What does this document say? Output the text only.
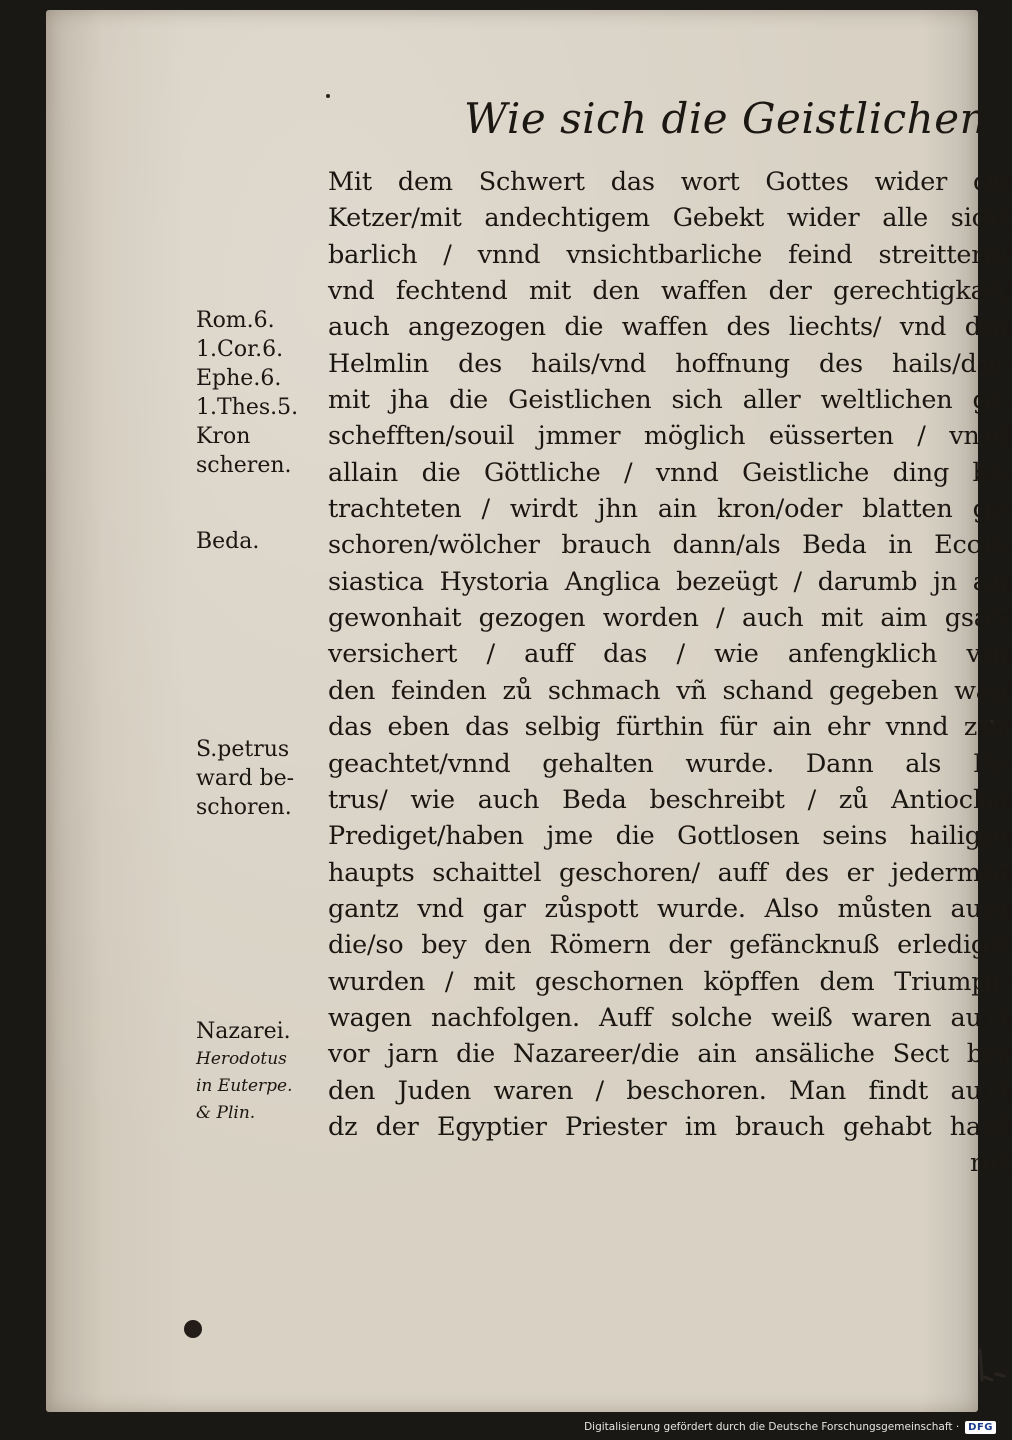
Wie sich die Geistlichen
Mit dem Schwert das wort Gottes wider die
Ketzer/mit andechtigem Gebekt wider alle sicht
barlich / vnnd vnsichtbarliche feind streittend/
vnd fechtend mit den waffen der gerechtigkait/
auch angezogen die waffen des liechts/ vnd den
Helmlin des hails/vnd hoffnung des hails/dar-
mit jha die Geistlichen sich aller weltlichen ge-
schefften/souil jmmer möglich eüsserten / vnnd
allain die Göttliche / vnnd Geistliche ding be-
trachteten / wirdt jhn ain kron/oder blatten ge-
schoren/wölcher brauch dann/als Beda in Eccle-
siastica Hystoria Anglica bezeügt / darumb jn ain
gewonhait gezogen worden / auch mit aim gsatz
versichert / auff das / wie anfengklich von
den feinden zů schmach vñ schand gegeben was/
das eben das selbig fürthin für ain ehr vnnd zier
geachtet/vnnd gehalten wurde. Dann als Pe-
trus/ wie auch Beda beschreibt / zů Antiochia
Prediget/haben jme die Gottlosen seins hailigen
haupts schaittel geschoren/ auff des er jederman
gantz vnd gar zůspott wurde. Also můsten auch
die/so bey den Römern der gefäncknuß erlediget
wurden / mit geschornen köpffen dem Triumph-
wagen nachfolgen. Auff solche weiß waren auch
vor jarn die Nazareer/die ain ansäliche Sect bey
den Juden waren / beschoren. Man findt auch
dz der Egyptier Priester im brauch gehabt habẽ
mit
Rom.6.
1.Cor.6.
Ephe.6.
1.Thes.5.
Kron
scheren.
Beda.
S.petrus
ward be-
schoren.
Nazarei.
Herodotus
in Euterpe.
& Plin.
Digitalisierung gefördert durch die Deutsche Forschungsgemeinschaft · DFG
